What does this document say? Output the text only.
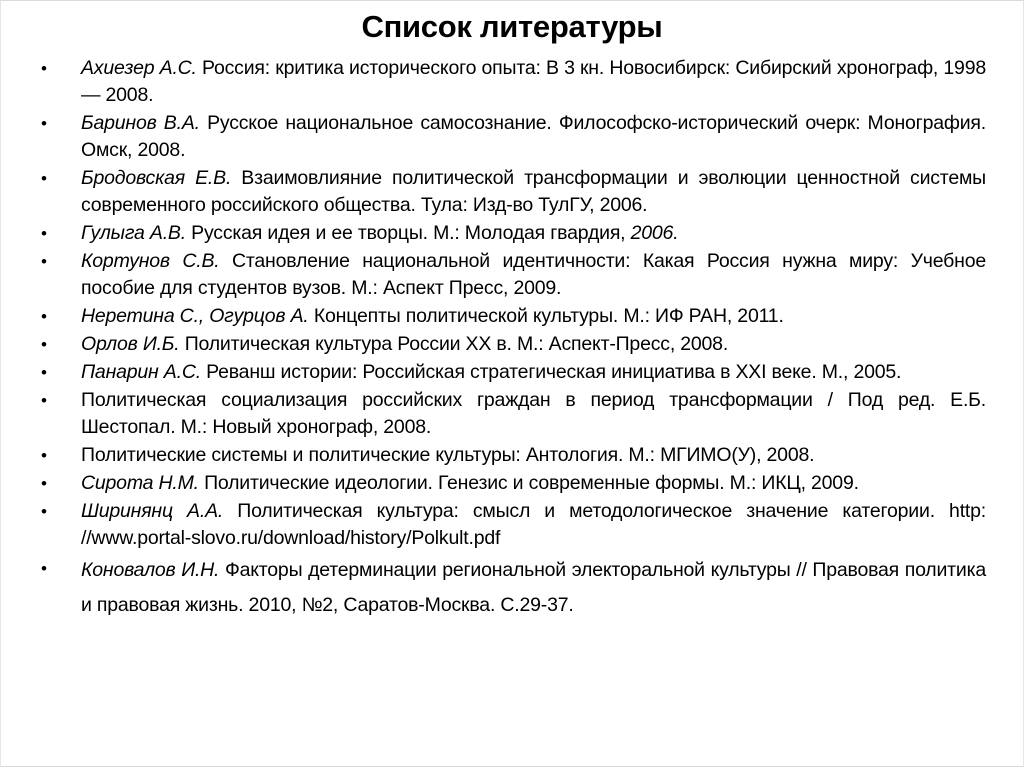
Список литературы
• Ахиезер А.С. Россия: критика исторического опыта: В 3 кн. Новосибирск: Сибирский хронограф, 1998 — 2008.
• Баринов В.А. Русское национальное самосознание. Философско-исторический очерк: Монография. Омск, 2008.
• Бродовская Е.В. Взаимовлияние политической трансформации и эволюции ценностной системы современного российского общества. Тула: Изд-во ТулГУ, 2006.
• Гулыга А.В. Русская идея и ее творцы. М.: Молодая гвардия, 2006.
• Кортунов С.В. Становление национальной идентичности: Какая Россия нужна миру: Учебное пособие для студентов вузов. М.: Аспект Пресс, 2009.
• Неретина С., Огурцов А. Концепты политической культуры. М.: ИФ РАН, 2011.
• Орлов И.Б. Политическая культура России XX в. М.: Аспект-Пресс, 2008.
• Панарин А.С. Реванш истории: Российская стратегическая инициатива в XXI веке. М., 2005.
• Политическая социализация российских граждан в период трансформации / Под ред. Е.Б. Шестопал. М.: Новый хронограф, 2008.
• Политические системы и политические культуры: Антология. М.: МГИМО(У), 2008.
• Сирота Н.М. Политические идеологии. Генезис и современные формы. М.: ИКЦ, 2009.
• Ширинянц А.А. Политическая культура: смысл и методологическое значение категории. http: //www.portal-slovo.ru/download/history/Polkult.pdf
• Коновалов И.Н. Факторы детерминации региональной электоральной культуры // Правовая политика и правовая жизнь. 2010, №2, Саратов-Москва. С.29-37.
